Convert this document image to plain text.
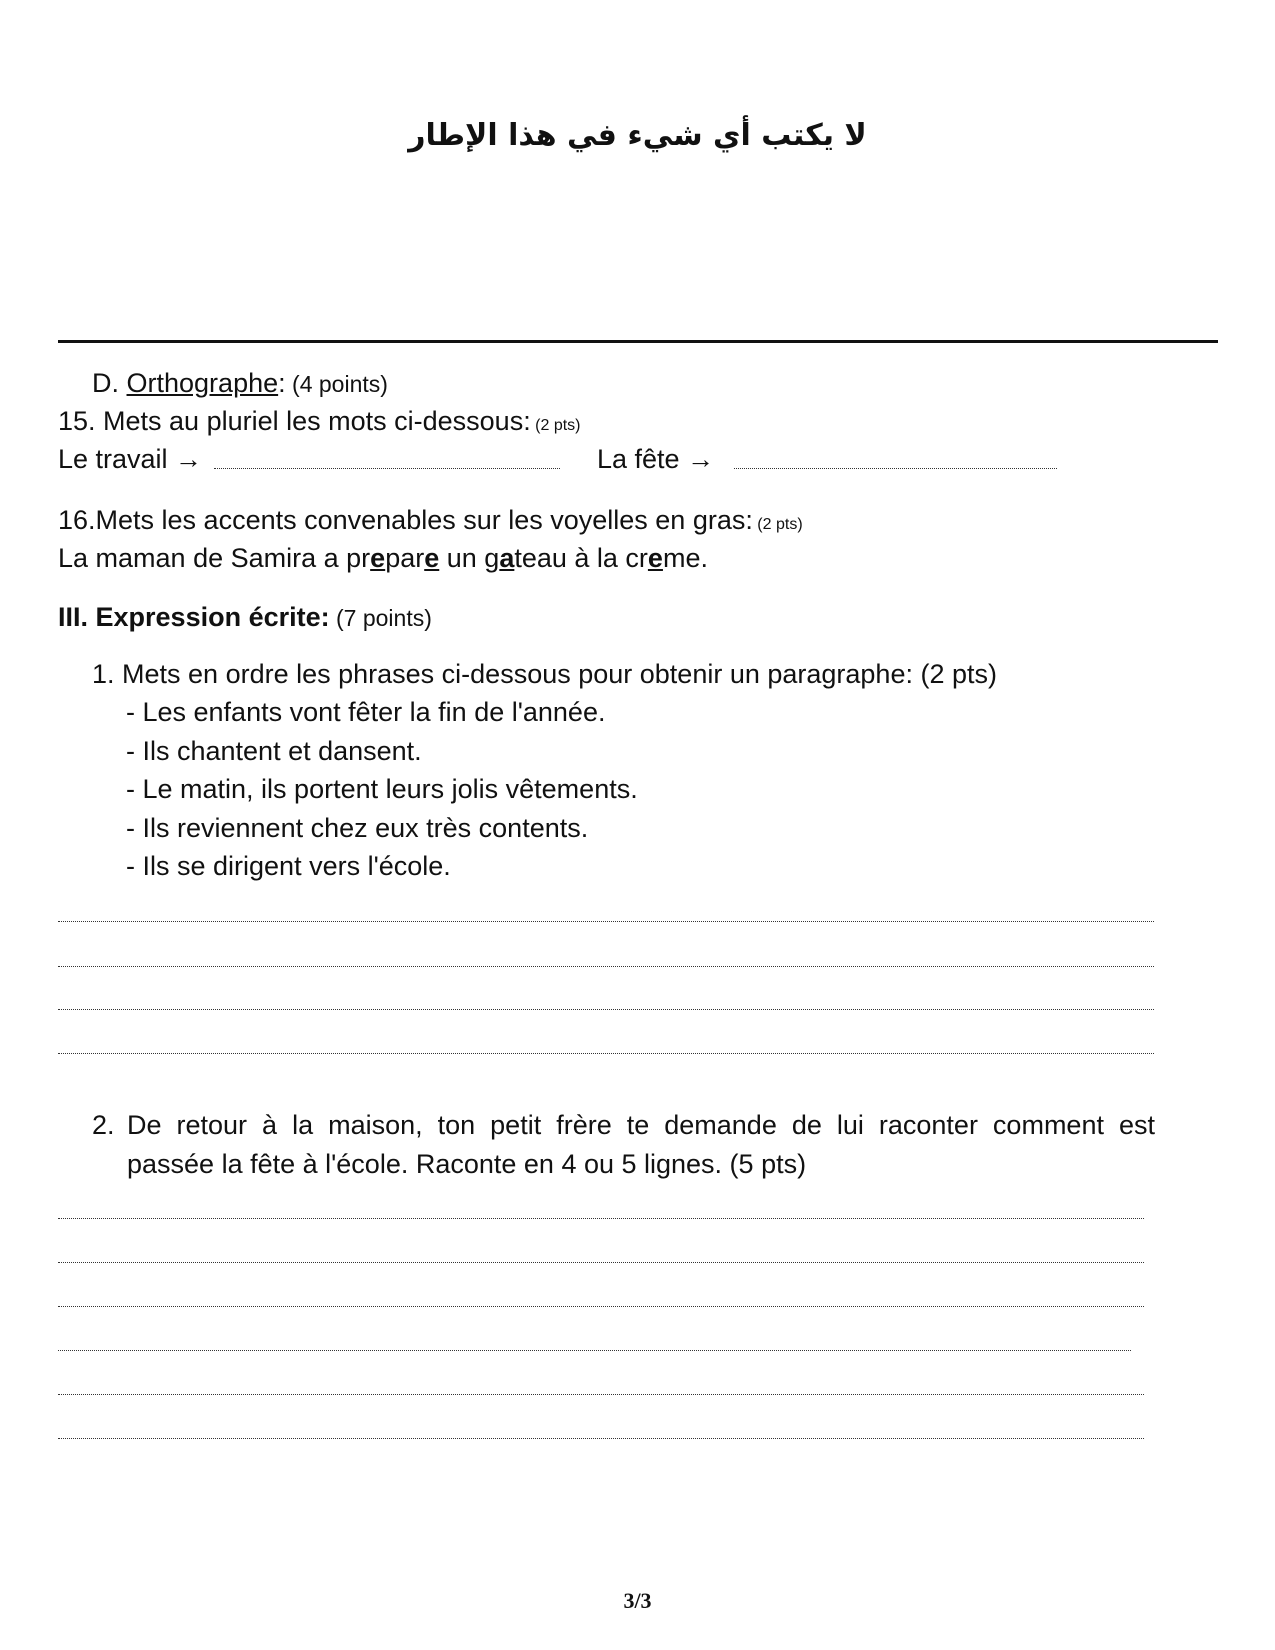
لا يكتب أي شيء في هذا الإطار
D. Orthographe: (4 points)
15. Mets au pluriel les mots ci-dessous: (2 pts)
Le travail →	La fête →
16.Mets les accents convenables sur les voyelles en gras: (2 pts)
La maman de Samira a prepare un gateau à la creme.
III. Expression écrite: (7 points)
1. Mets en ordre les phrases ci-dessous pour obtenir un paragraphe: (2 pts)
- Les enfants vont fêter la fin de l'année.
- Ils chantent et dansent.
- Le matin, ils portent leurs jolis vêtements.
- Ils reviennent chez eux très contents.
- Ils se dirigent vers l'école.
2. De retour à la maison, ton petit frère te demande de lui raconter comment est
passée la fête à l'école. Raconte en 4 ou 5 lignes. (5 pts)
3/3
